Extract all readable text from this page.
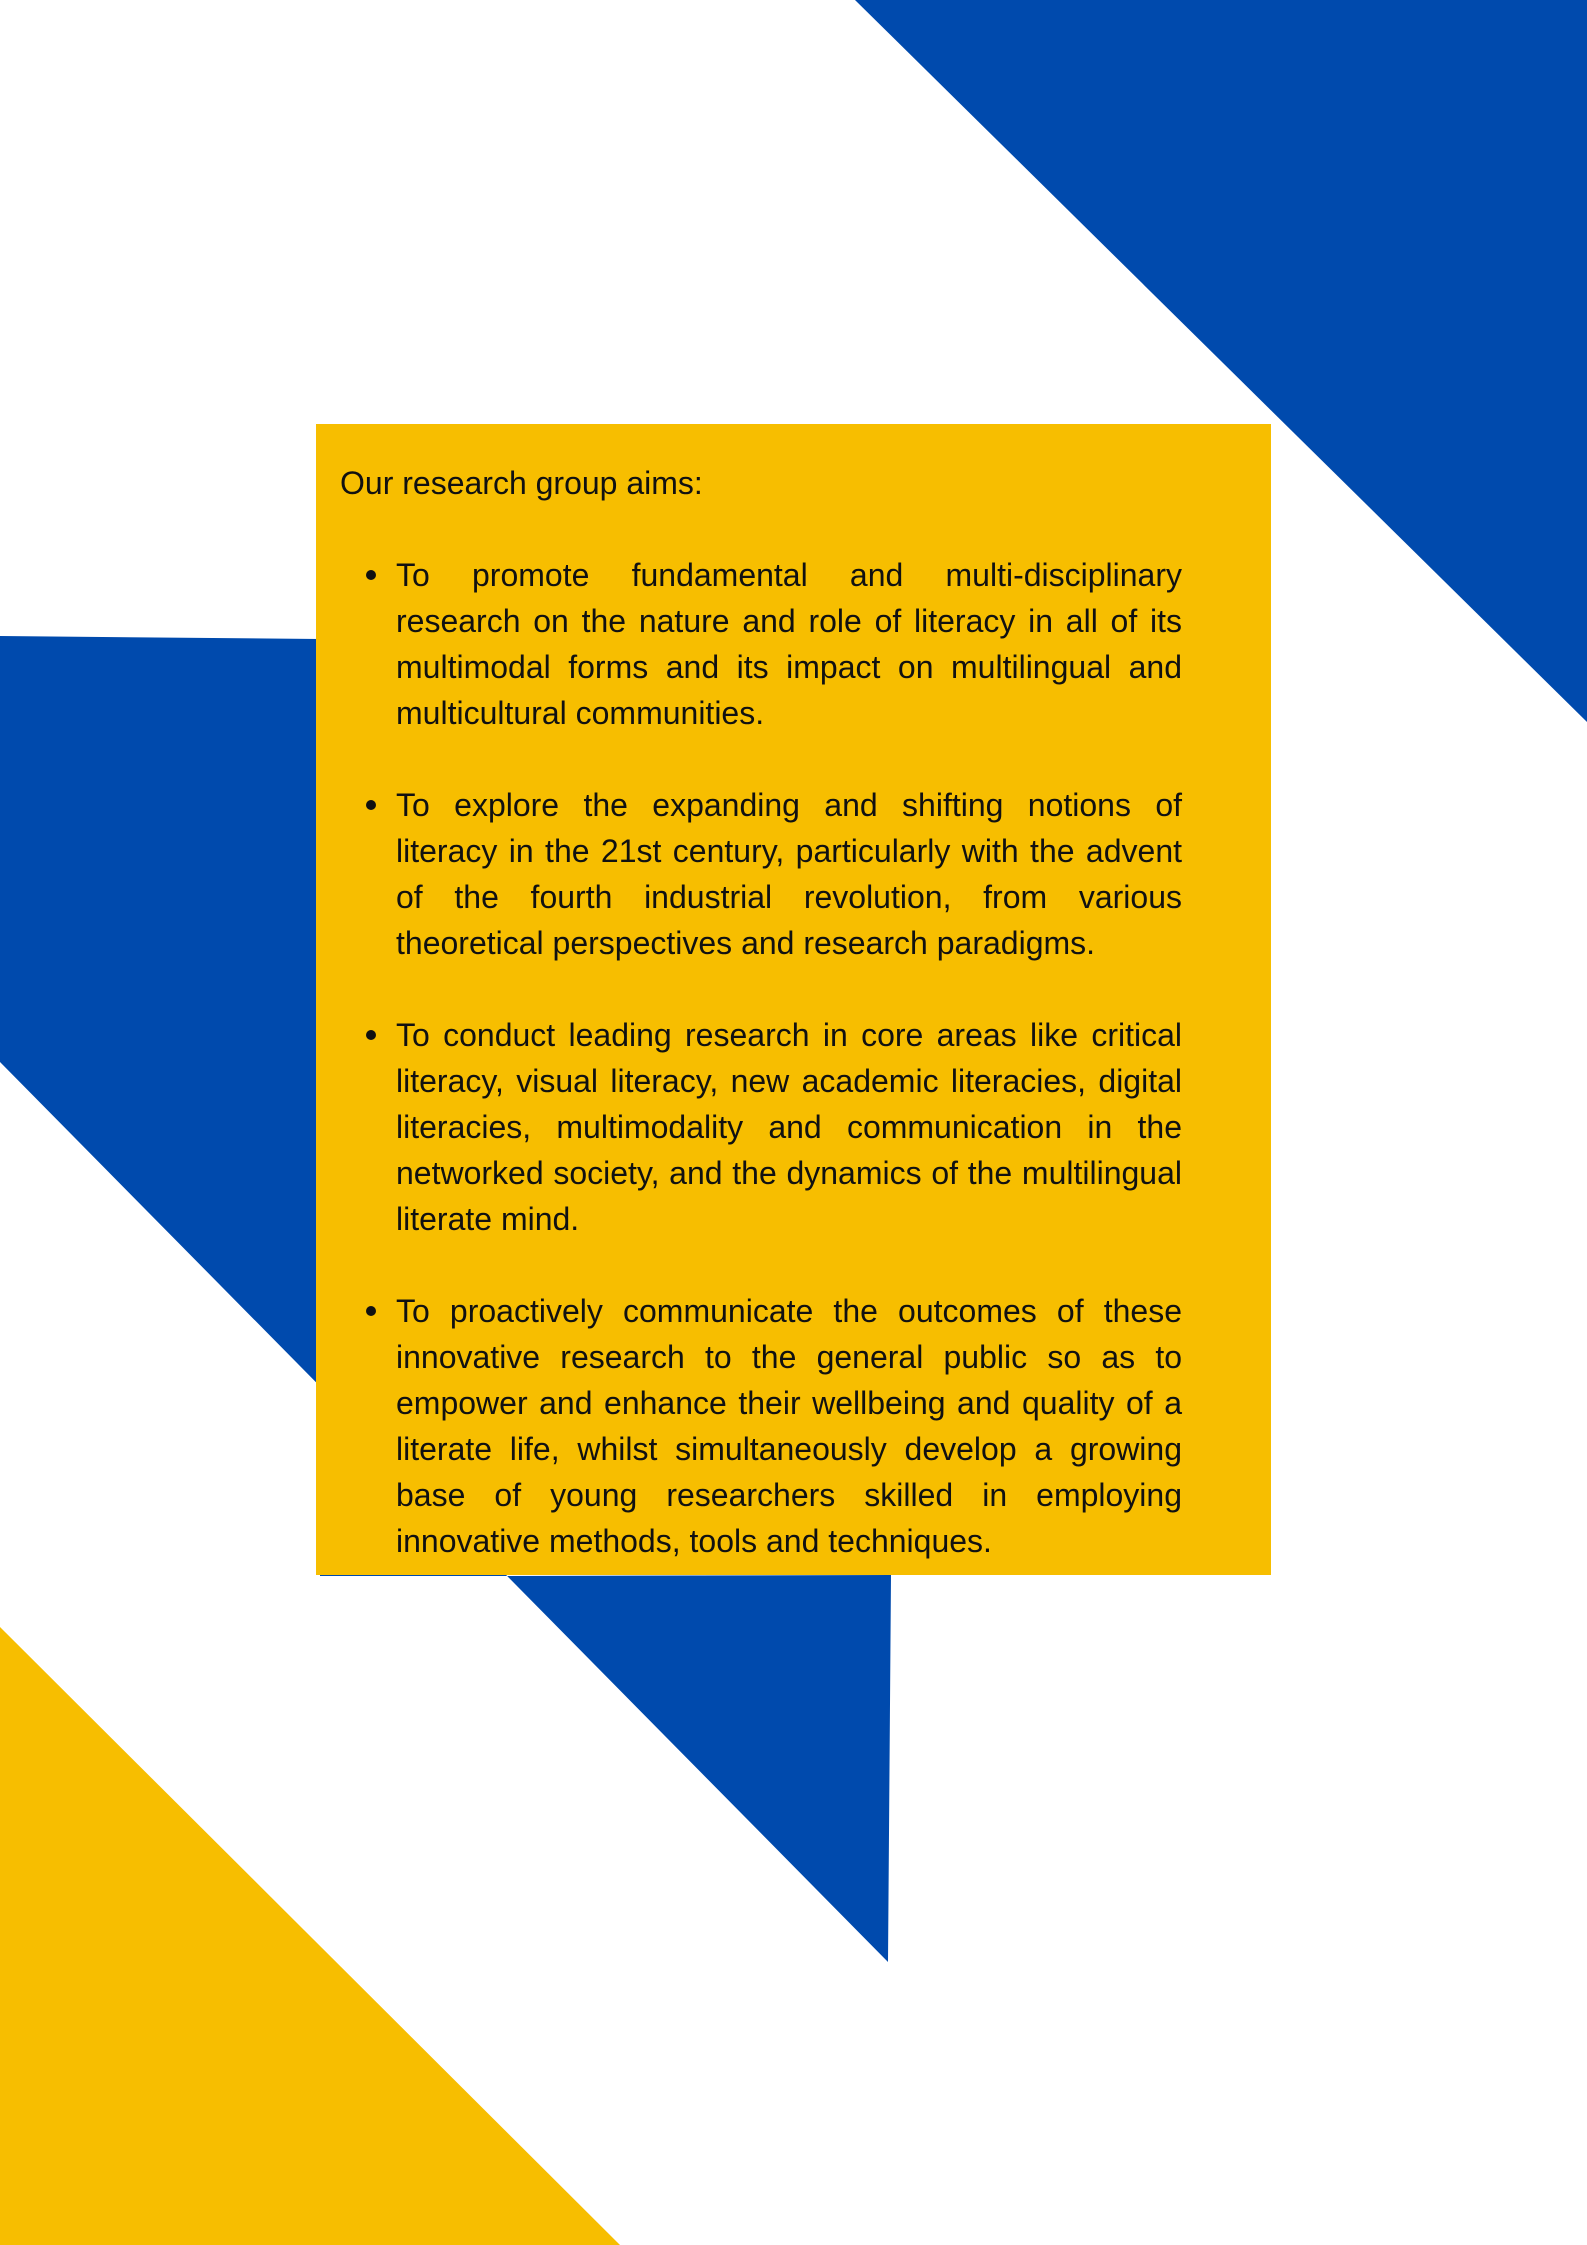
Our research group aims:

To promote fundamental and multi-disciplinary research on the nature and role of literacy in all of its multimodal forms and its impact on multilingual and multicultural communities.
To explore the expanding and shifting notions of literacy in the 21st century, particularly with the advent of the fourth industrial revolution, from various theoretical perspectives and research paradigms.
To conduct leading research in core areas like critical literacy, visual literacy, new academic literacies, digital literacies, multimodality and communication in the networked society, and the dynamics of the multilingual literate mind.
To proactively communicate the outcomes of these innovative research to the general public so as to empower and enhance their wellbeing and quality of a literate life, whilst simultaneously develop a growing base of young researchers skilled in employing innovative methods, tools and techniques.
